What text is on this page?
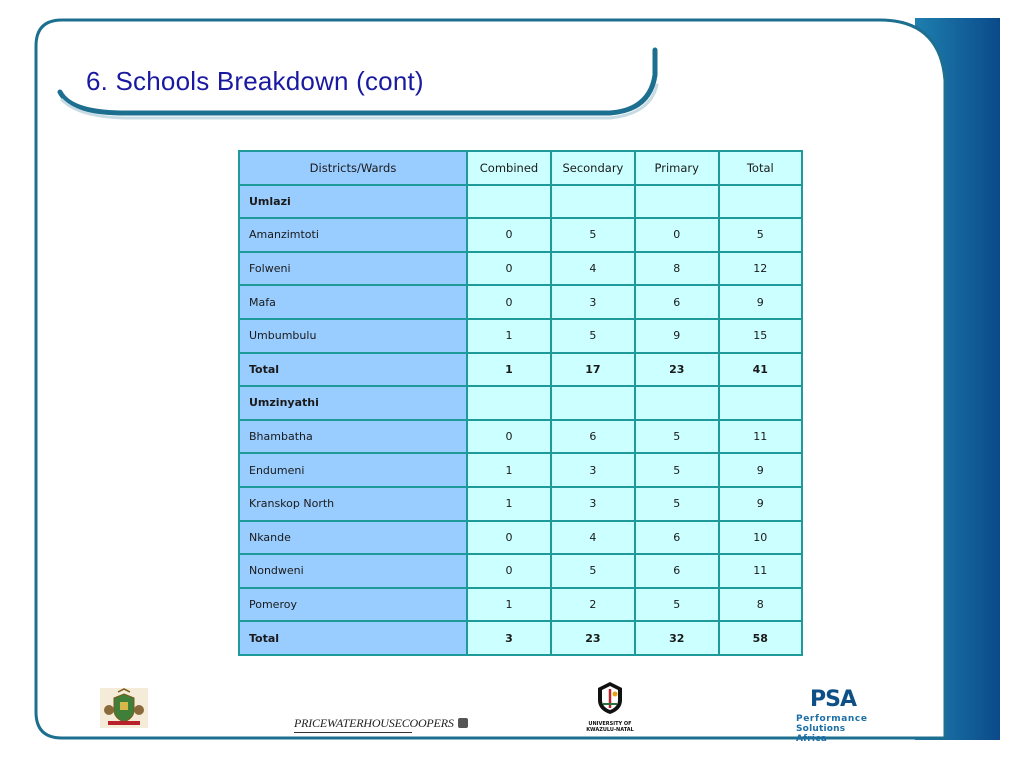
6. Schools Breakdown (cont)
Districts/Wards	Combined	Secondary	Primary	Total
Umlazi				
Amanzimtoti	0	5	0	5
Folweni	0	4	8	12
Mafa	0	3	6	9
Umbumbulu	1	5	9	15
Total	1	17	23	41
Umzinyathi				
Bhambatha	0	6	5	11
Endumeni	1	3	5	9
Kranskop North	1	3	5	9
Nkande	0	4	6	10
Nondweni	0	5	6	11
Pomeroy	1	2	5	8
Total	3	23	32	58
PRICEWATERHOUSECOOPERS	UNIVERSITY OF
KWAZULU-NATAL
PSA
Performance
Solutions Africa
